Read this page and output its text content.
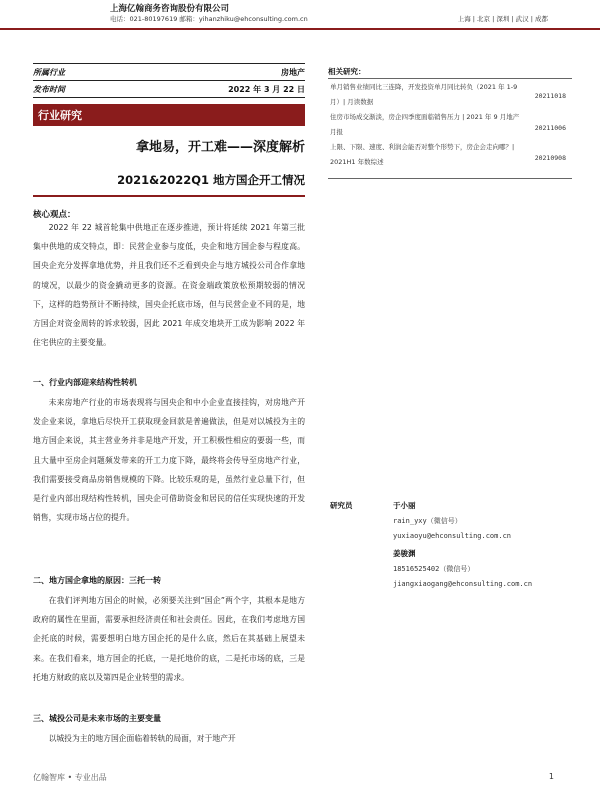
上海亿翰商务咨询股份有限公司
电话：021-80197619 邮箱：yihanzhiku@ehconsulting.com.cn	上海 | 北京 | 深圳 | 武汉 | 成都
所属行业	房地产
发布时间	2022 年 3 月 22 日
行业研究
拿地易，开工难——深度解析
2021&2022Q1 地方国企开工情况
核心观点：
2022 年 22 城首轮集中供地正在逐步推进，预计将延续 2021 年第三批集中供地的成交特点，即：民营企业参与度低，央企和地方国企参与程度高。国央企充分发挥拿地优势，并且我们还不乏看到央企与地方城投公司合作拿地的境况，以最少的资金撬动更多的资源。在资金端政策放松预期较弱的情况下，这样的趋势预计不断持续，国央企托底市场，但与民营企业不同的是，地方国企对资金周转的诉求较弱，因此 2021 年成交地块开工成为影响 2022 年住宅供应的主要变量。
一、行业内部迎来结构性转机
未来房地产行业的市场表现将与国央企和中小企业直接挂钩，对房地产开发企业来说，拿地后尽快开工获取现金回款是普遍做法，但是对以城投为主的地方国企来说，其主营业务并非是地产开发，开工积极性相应的要弱一些，而且大量中至房企问题频发带来的开工力度下降，最终将会传导至房地产行业，我们需要接受商品房销售规模的下降。比较乐观的是，虽然行业总量下行，但是行业内部出现结构性转机，国央企可借助资金和居民的信任实现快速的开发销售，实现市场占位的提升。
二、地方国企拿地的原因：三托一转
在我们评判地方国企的时候，必须要关注到“国企”两个字，其根本是地方政府的属性在里面，需要承担经济责任和社会责任。因此，在我们考虑地方国企托底的时候，需要想明白地方国企托的是什么底，然后在其基础上展望未来。在我们看来，地方国企的托底，一是托地价的底，二是托市场的底，三是托地方财政的底以及第四是企业转型的需求。
三、城投公司是未来市场的主要变量
以城投为主的地方国企面临着转轨的局面，对于地产开
相关研究：
单月销售业绩同比三连降，开发投资单月同比转负（2021 年 1-9 月）| 月读数据
20211018
住房市场成交渐淡，房企四季度面临销售压力 | 2021 年 9 月地产月报	20211006
上限、下限、速度、利润会能否对整个形势下，房企会走向哪？| 2021H1 年数综述	20210908
研究员	于小丽
rain_yxy（微信号）
yuxiaoyu@ehconsulting.com.cn
姜骏渊
18516525402（微信号）
jiangxiaogang@ehconsulting.com.cn
亿翰智库 • 专业出品	1
